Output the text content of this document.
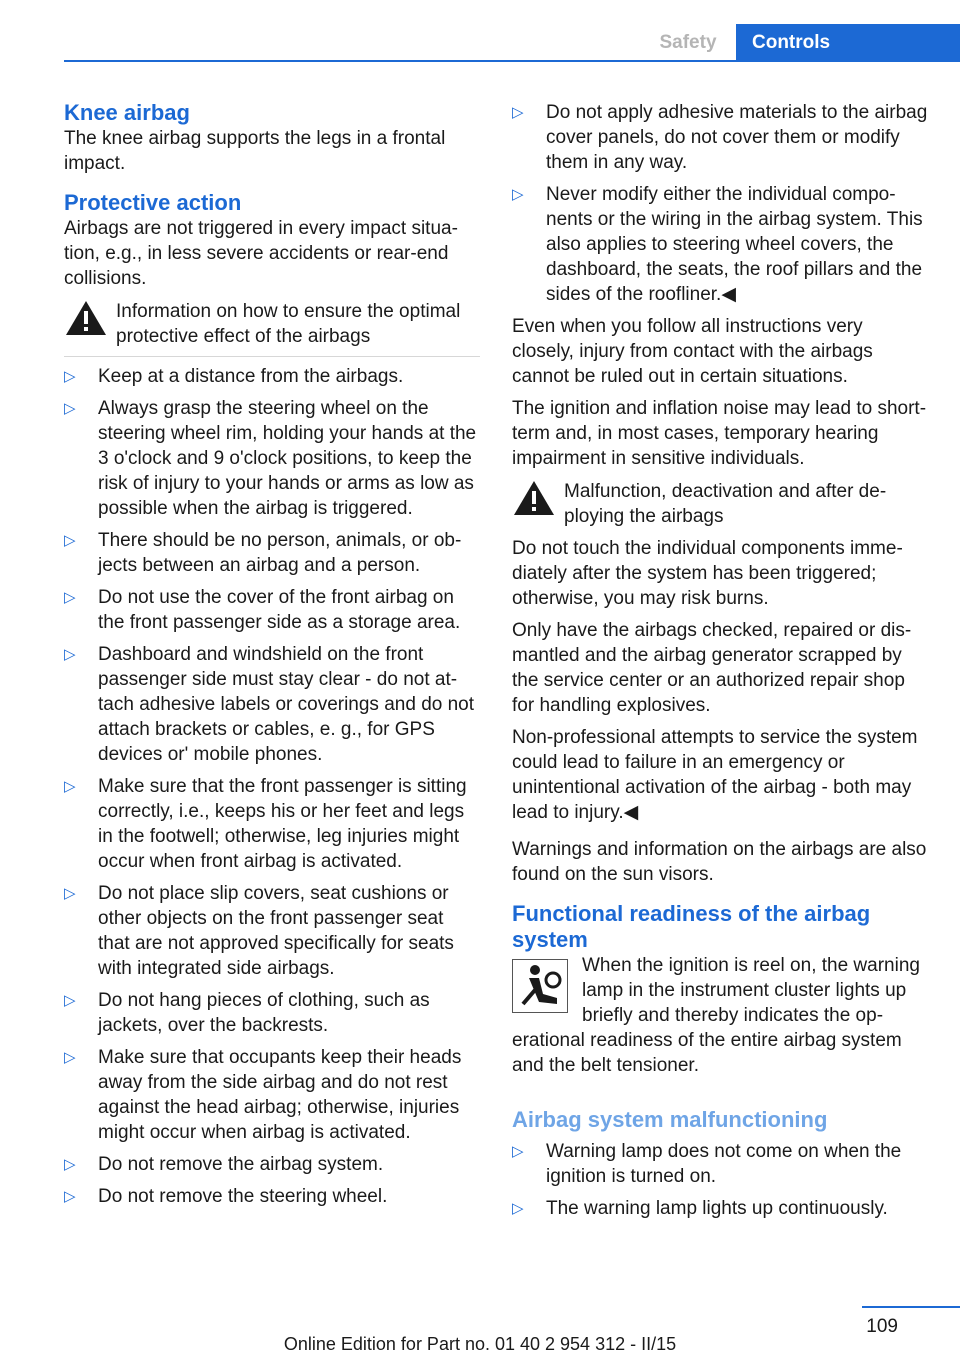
Safety	Controls
Knee airbag

The knee airbag supports the legs in a frontal impact.

Protective action

Airbags are not triggered in every impact situation, e.g., in less severe accidents or rear-end collisions.

Information on how to ensure the optimal protective effect of the airbags
▷ Keep at a distance from the airbags.
▷ Always grasp the steering wheel on the steering wheel rim, holding your hands at the 3 o'clock and 9 o'clock positions, to keep the risk of injury to your hands or arms as low as possible when the airbag is triggered.
▷ There should be no person, animals, or objects between an airbag and a person.
▷ Do not use the cover of the front airbag on the front passenger side as a storage area.
▷ Dashboard and windshield on the front passenger side must stay clear - do not attach adhesive labels or coverings and do not attach brackets or cables, e. g., for GPS devices or' mobile phones.
▷ Make sure that the front passenger is sitting correctly, i.e., keeps his or her feet and legs in the footwell; otherwise, leg injuries might occur when front airbag is activated.
▷ Do not place slip covers, seat cushions or other objects on the front passenger seat that are not approved specifically for seats with integrated side airbags.
▷ Do not hang pieces of clothing, such as jackets, over the backrests.
▷ Make sure that occupants keep their heads away from the side airbag and do not rest against the head airbag; otherwise, injuries might occur when airbag is activated.
▷ Do not remove the airbag system.
▷ Do not remove the steering wheel.
▷ Do not apply adhesive materials to the airbag cover panels, do not cover them or modify them in any way.
▷ Never modify either the individual components or the wiring in the airbag system. This also applies to steering wheel covers, the dashboard, the seats, the roof pillars and the sides of the roofliner.◀

Even when you follow all instructions very closely, injury from contact with the airbags cannot be ruled out in certain situations.

The ignition and inflation noise may lead to short-term and, in most cases, temporary hearing impairment in sensitive individuals.

Malfunction, deactivation and after deploying the airbags

Do not touch the individual components immediately after the system has been triggered; otherwise, you may risk burns.

Only have the airbags checked, repaired or dismantled and the airbag generator scrapped by the service center or an authorized repair shop for handling explosives.

Non-professional attempts to service the system could lead to failure in an emergency or unintentional activation of the airbag - both may lead to injury.◀

Warnings and information on the airbags are also found on the sun visors.

Functional readiness of the airbag system

When the ignition is reel on, the warning lamp in the instrument cluster lights up briefly and thereby indicates the operational readiness of the entire airbag system and the belt tensioner.

Airbag system malfunctioning
▷ Warning lamp does not come on when the ignition is turned on.
▷ The warning lamp lights up continuously.
109
Online Edition for Part no. 01 40 2 954 312 - II/15
